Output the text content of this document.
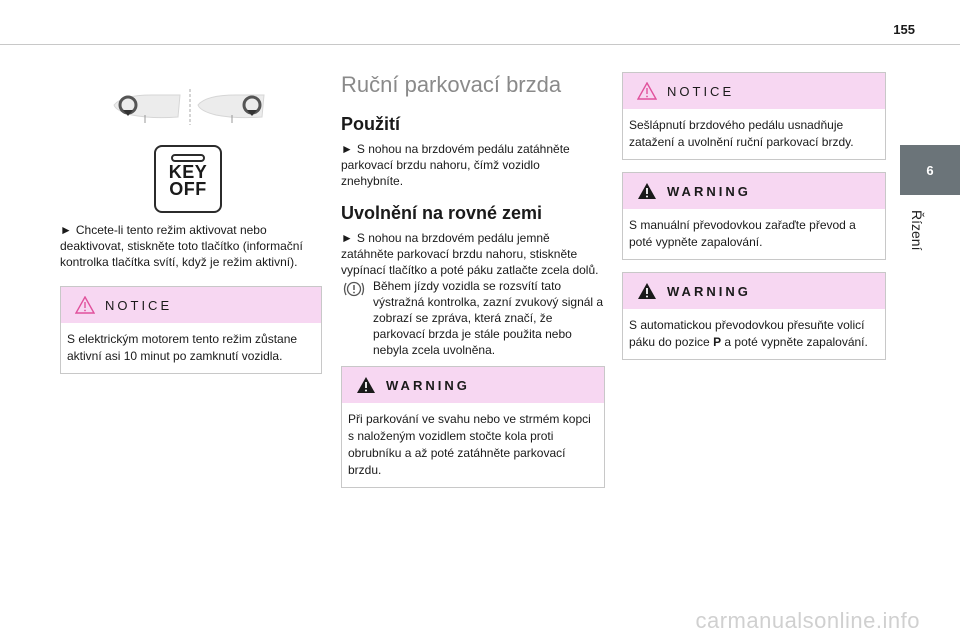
155
6
Řízení
KEY
OFF

► Chcete-li tento režim aktivovat nebo deaktivovat, stiskněte toto tlačítko (informační kontrolka tlačítka svítí, když je režim aktivní).

NOTICE
S elektrickým motorem tento režim zůstane aktivní asi 10 minut po zamknutí vozidla.
Ruční parkovací brzda
Použití

► S nohou na brzdovém pedálu zatáhněte parkovací brzdu nahoru, čímž vozidlo znehybníte.

Uvolnění na rovné zemi

► S nohou na brzdovém pedálu jemně zatáhněte parkovací brzdu nahoru, stiskněte vypínací tlačítko a poté páku zatlačte zcela dolů.

Během jízdy vozidla se rozsvítí tato výstražná kontrolka, zazní zvukový signál a zobrazí se zpráva, která značí, že parkovací brzda je stále použita nebo nebyla zcela uvolněna.

WARNING
Při parkování ve svahu nebo ve strmém kopci s naloženým vozidlem stočte kola proti obrubníku a až poté zatáhněte parkovací brzdu.
NOTICE
Sešlápnutí brzdového pedálu usnadňuje zatažení a uvolnění ruční parkovací brzdy.
WARNING
S manuální převodovkou zařaďte převod a poté vypněte zapalování.
WARNING
S automatickou převodovkou přesuňte volicí páku do pozice P a poté vypněte zapalování.
carmanualsonline.info
